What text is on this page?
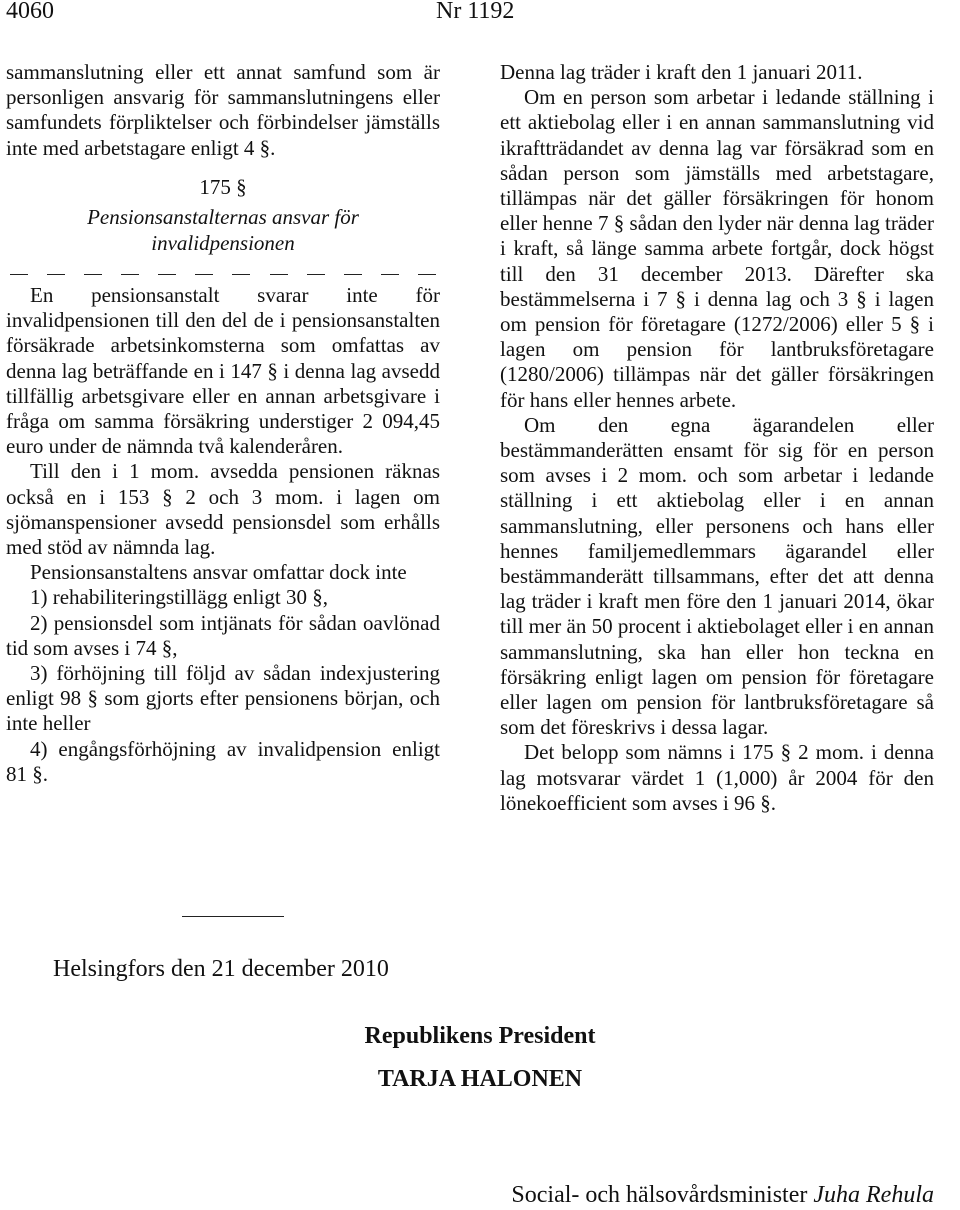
4060	Nr 1192

sammanslutning eller ett annat samfund som är personligen ansvarig för sammanslutningens eller samfundets förpliktelser och förbindelser jämställs inte med arbetstagare enligt 4 §.

175 §
Pensionsanstalternas ansvar för
invalidpensionen

En pensionsanstalt svarar inte för invalidpensionen till den del de i pensionsanstalten försäkrade arbetsinkomsterna som omfattas av denna lag beträffande en i 147 § i denna lag avsedd tillfällig arbetsgivare eller en annan arbetsgivare i fråga om samma försäkring understiger 2 094,45 euro under de nämnda två kalenderåren.

Till den i 1 mom. avsedda pensionen räknas också en i 153 § 2 och 3 mom. i lagen om sjömanspensioner avsedd pensionsdel som erhålls med stöd av nämnda lag.

Pensionsanstaltens ansvar omfattar dock inte

1) rehabiliteringstillägg enligt 30 §,

2) pensionsdel som intjänats för sådan oavlönad tid som avses i 74 §,

3) förhöjning till följd av sådan indexjustering enligt 98 § som gjorts efter pensionens början, och inte heller

4) engångsförhöjning av invalidpension enligt 81 §.

Denna lag träder i kraft den 1 januari 2011.

Om en person som arbetar i ledande ställning i ett aktiebolag eller i en annan sammanslutning vid ikraftträdandet av denna lag var försäkrad som en sådan person som jämställs med arbetstagare, tillämpas när det gäller försäkringen för honom eller henne 7 § sådan den lyder när denna lag träder i kraft, så länge samma arbete fortgår, dock högst till den 31 december 2013. Därefter ska bestämmelserna i 7 § i denna lag och 3 § i lagen om pension för företagare (1272/2006) eller 5 § i lagen om pension för lantbruksföretagare (1280/2006) tillämpas när det gäller försäkringen för hans eller hennes arbete.

Om den egna ägarandelen eller bestämmanderätten ensamt för sig för en person som avses i 2 mom. och som arbetar i ledande ställning i ett aktiebolag eller i en annan sammanslutning, eller personens och hans eller hennes familjemedlemmars ägarandel eller bestämmanderätt tillsammans, efter det att denna lag träder i kraft men före den 1 januari 2014, ökar till mer än 50 procent i aktiebolaget eller i en annan sammanslutning, ska han eller hon teckna en försäkring enligt lagen om pension för företagare eller lagen om pension för lantbruksföretagare så som det föreskrivs i dessa lagar.

Det belopp som nämns i 175 § 2 mom. i denna lag motsvarar värdet 1 (1,000) år 2004 för den lönekoefficient som avses i 96 §.

Helsingfors den 21 december 2010
Republikens President
TARJA HALONEN
Social- och hälsovårdsminister Juha Rehula
